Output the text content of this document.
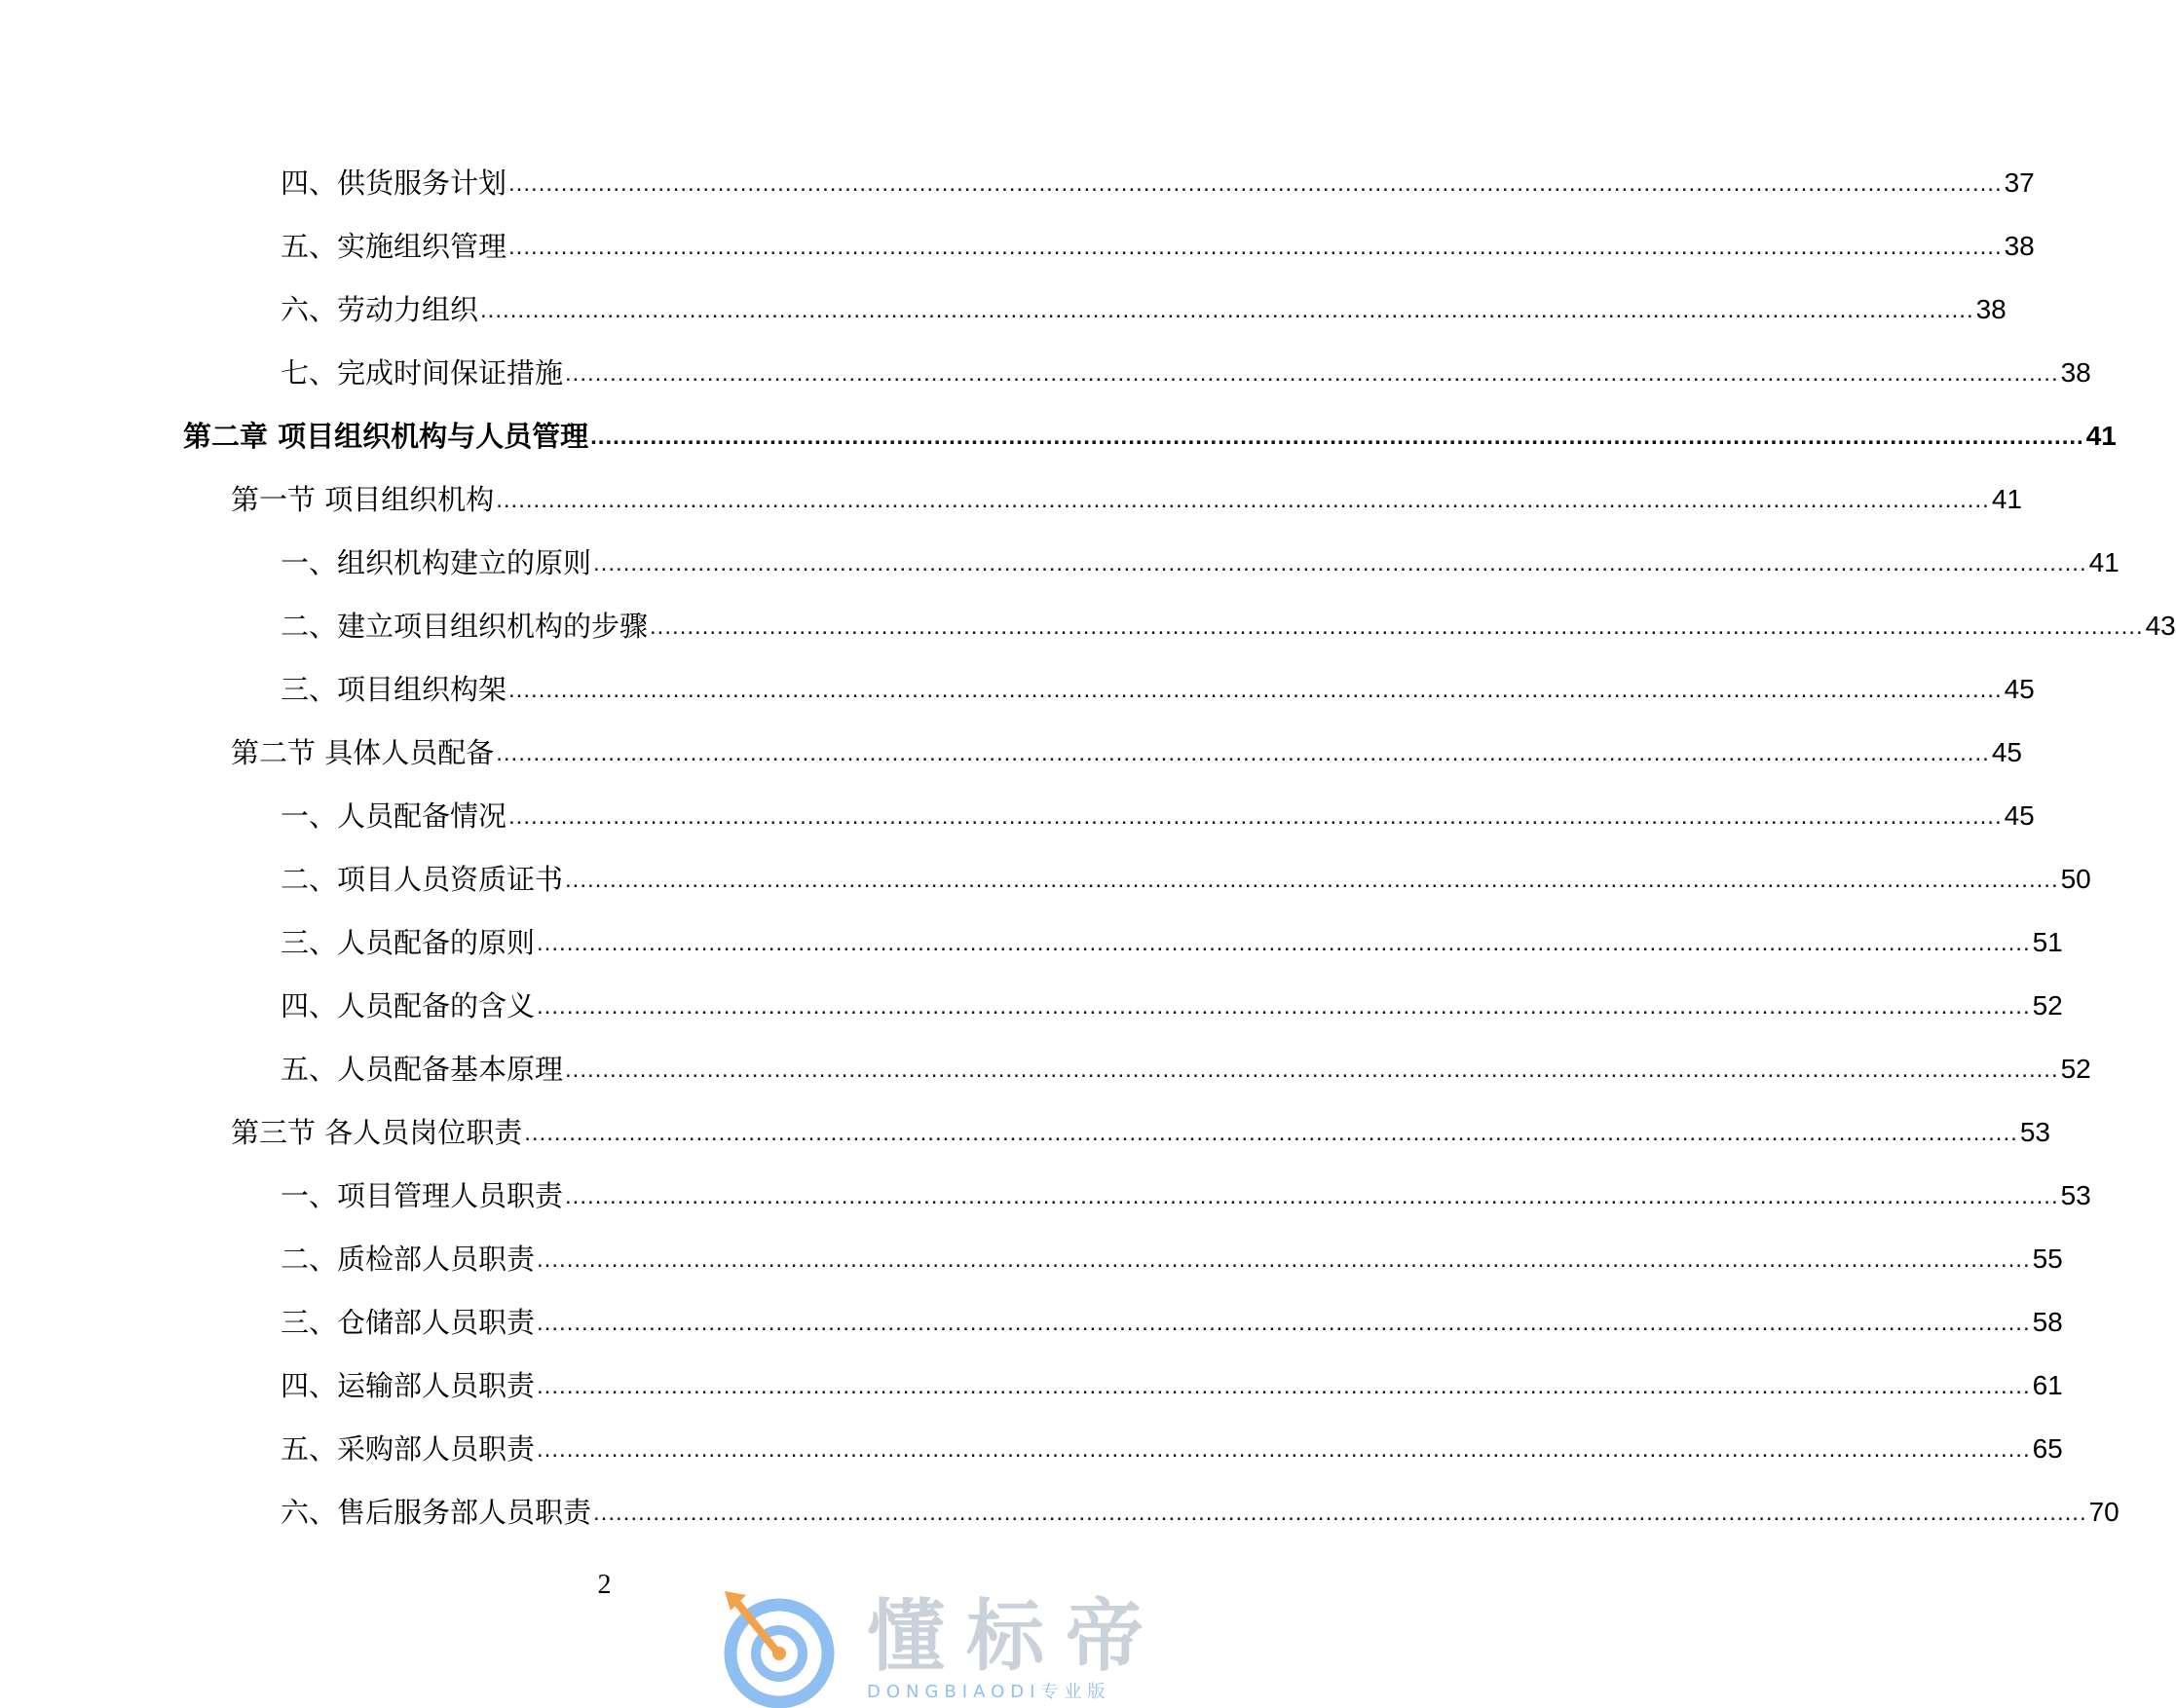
四、供货服务计划 ........................................................................................................................................................................................................ 37
五、实施组织管理 ........................................................................................................................................................................................................ 38
六、劳动力组织 ........................................................................................................................................................................................................ 38
七、完成时间保证措施 ........................................................................................................................................................................................................ 38
第二章 项目组织机构与人员管理 ........................................................................................................................................................................................................ 41
第一节 项目组织机构 ........................................................................................................................................................................................................ 41
一、组织机构建立的原则 ........................................................................................................................................................................................................ 41
二、建立项目组织机构的步骤 ........................................................................................................................................................................................................ 43
三、项目组织构架 ........................................................................................................................................................................................................ 45
第二节 具体人员配备 ........................................................................................................................................................................................................ 45
一、人员配备情况 ........................................................................................................................................................................................................ 45
二、项目人员资质证书 ........................................................................................................................................................................................................ 50
三、人员配备的原则 ........................................................................................................................................................................................................ 51
四、人员配备的含义 ........................................................................................................................................................................................................ 52
五、人员配备基本原理 ........................................................................................................................................................................................................ 52
第三节 各人员岗位职责 ........................................................................................................................................................................................................ 53
一、项目管理人员职责 ........................................................................................................................................................................................................ 53
二、质检部人员职责 ........................................................................................................................................................................................................ 55
三、仓储部人员职责 ........................................................................................................................................................................................................ 58
四、运输部人员职责 ........................................................................................................................................................................................................ 61
五、采购部人员职责 ........................................................................................................................................................................................................ 65
六、售后服务部人员职责 ........................................................................................................................................................................................................ 70
2
懂标帝
DONGBIAODI专业版
